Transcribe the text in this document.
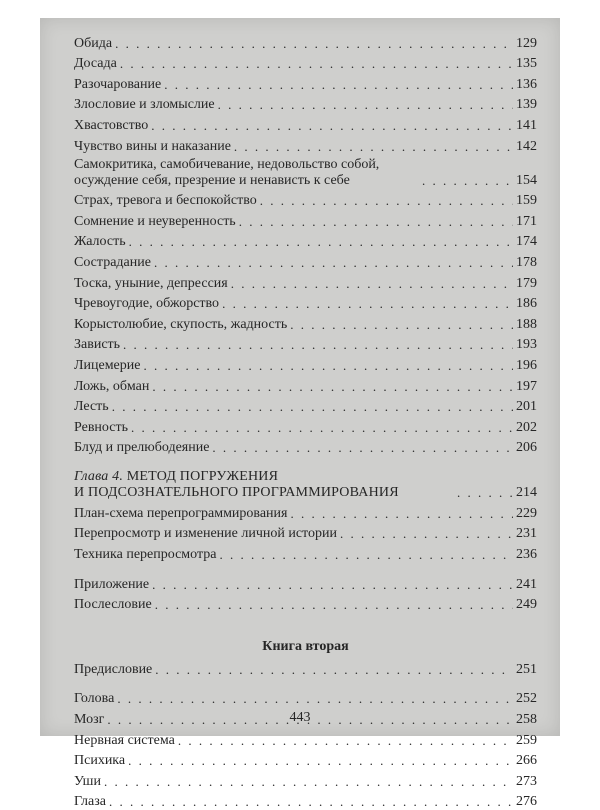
Обида . . .	129
Досада . . .	135
Разочарование . . .	136
Злословие и зломыслие . . .	139
Хвастовство . . .	141
Чувство вины и наказание . . .	142
Самокритика, самобичевание, недовольство собой, осуждение себя, презрение и ненависть к себе . . .	154
Страх, тревога и беспокойство . . .	159
Сомнение и неуверенность . . .	171
Жалость . . .	174
Сострадание . . .	178
Тоска, уныние, депрессия . . .	179
Чревоугодие, обжорство . . .	186
Корыстолюбие, скупость, жадность . . .	188
Зависть . . .	193
Лицемерие . . .	196
Ложь, обман . . .	197
Лесть . . .	201
Ревность . . .	202
Блуд и прелюбодеяние . . .	206
Глава 4. МЕТОД ПОГРУЖЕНИЯ
И ПОДСОЗНАТЕЛЬНОГО ПРОГРАММИРОВАНИЯ . . .	214
План-схема перепрограммирования . . .	229
Перепросмотр и изменение личной истории . . .	231
Техника перепросмотра . . .	236
Приложение . . .	241
Послесловие . . .	249
Книга вторая
Предисловие . . .	251
Голова . . .	252
Мозг . . .	258
Нервная система . . .	259
Психика . . .	266
Уши . . .	273
Глаза . . .	276
443
